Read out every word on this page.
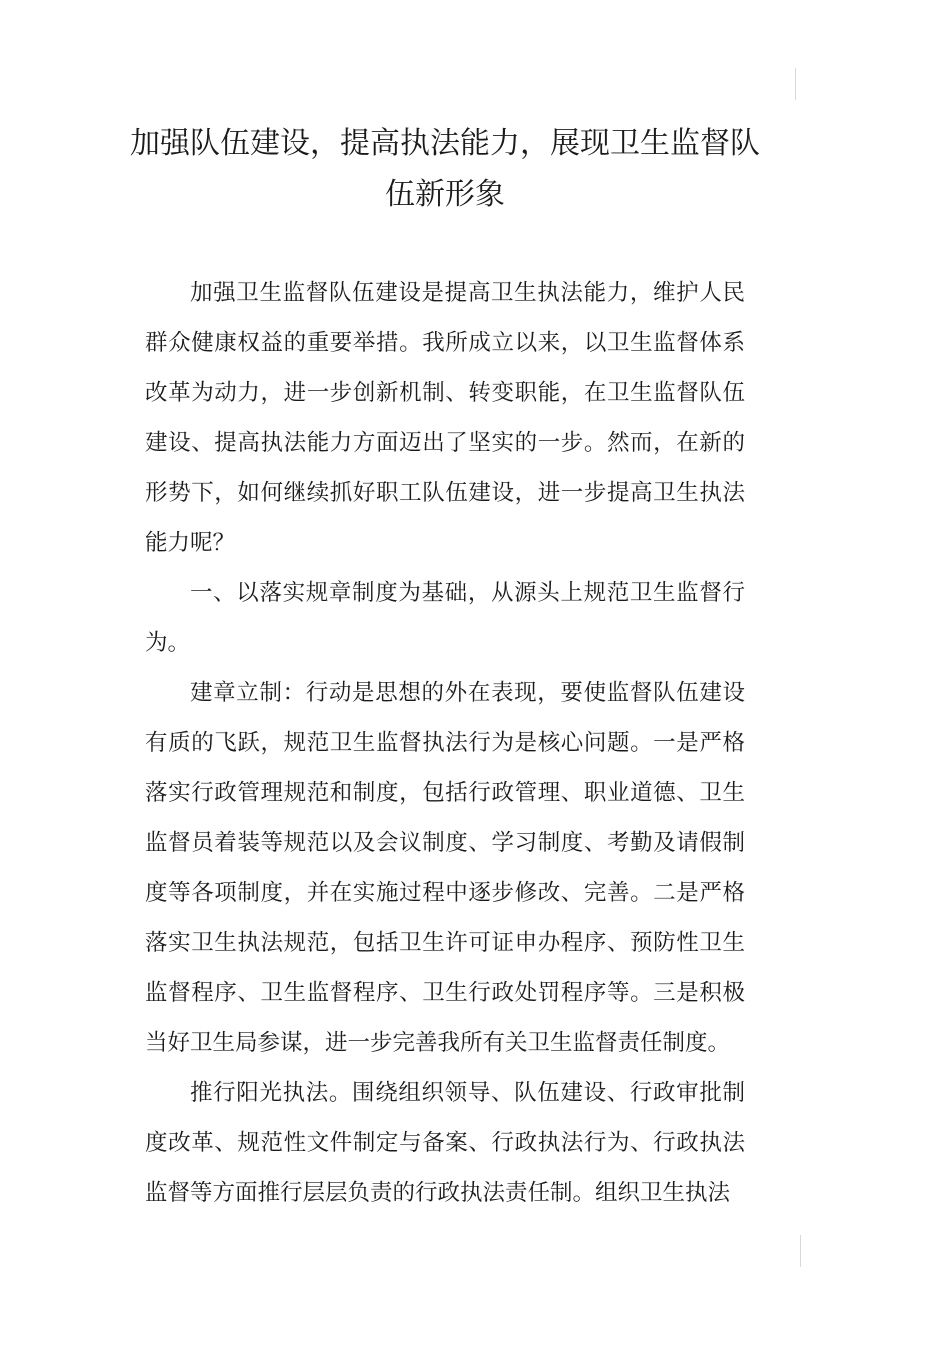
加强队伍建设，提高执法能力，展现卫生监督队伍新形象

加强卫生监督队伍建设是提高卫生执法能力，维护人民群众健康权益的重要举措。我所成立以来，以卫生监督体系改革为动力，进一步创新机制、转变职能，在卫生监督队伍建设、提高执法能力方面迈出了坚实的一步。然而，在新的形势下，如何继续抓好职工队伍建设，进一步提高卫生执法能力呢？

一、以落实规章制度为基础，从源头上规范卫生监督行为。

建章立制：行动是思想的外在表现，要使监督队伍建设有质的飞跃，规范卫生监督执法行为是核心问题。一是严格落实行政管理规范和制度，包括行政管理、职业道德、卫生监督员着装等规范以及会议制度、学习制度、考勤及请假制度等各项制度，并在实施过程中逐步修改、完善。二是严格落实卫生执法规范，包括卫生许可证申办程序、预防性卫生监督程序、卫生监督程序、卫生行政处罚程序等。三是积极当好卫生局参谋，进一步完善我所有关卫生监督责任制度。

推行阳光执法。围绕组织领导、队伍建设、行政审批制度改革、规范性文件制定与备案、行政执法行为、行政执法监督等方面推行层层负责的行政执法责任制。组织卫生执法
